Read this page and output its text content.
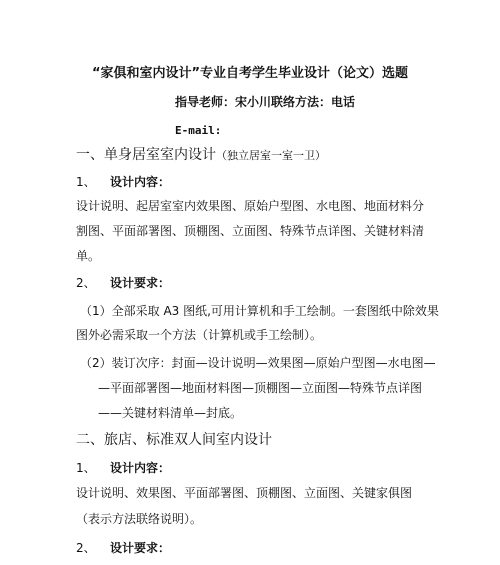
“家俱和室内设计”专业自考学生毕业设计（论文）选题
指导老师：宋小川联络方法：电话
E-mail:
一、单身居室室内设计（独立居室一室一卫）
1、 设计内容：
设计说明、起居室室内效果图、原始户型图、水电图、地面材料分
割图、平面部署图、顶棚图、立面图、特殊节点详图、关键材料清
单。
2、 设计要求：
（1）全部采取 A3 图纸,可用计算机和手工绘制。一套图纸中除效果
图外必需采取一个方法（计算机或手工绘制）。
（2）装订次序：封面—设计说明—效果图—原始户型图—水电图—
—平面部署图—地面材料图—顶棚图—立面图—特殊节点详图
——关键材料清单—封底。
二、旅店、标准双人间室内设计
1、 设计内容：
设计说明、效果图、平面部署图、顶棚图、立面图、关键家俱图
（表示方法联络说明）。
2、 设计要求：
